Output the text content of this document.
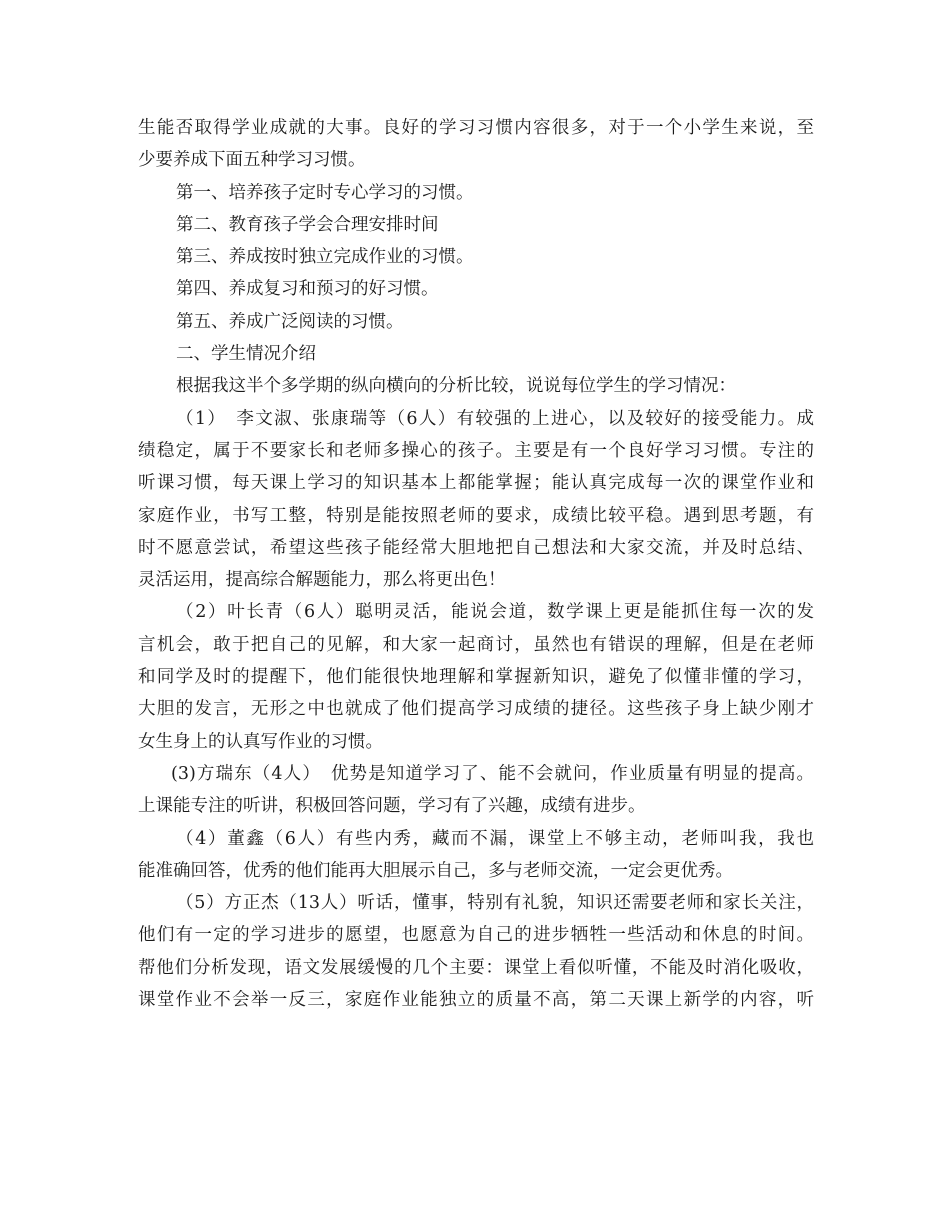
生能否取得学业成就的大事。良好的学习习惯内容很多，对于一个小学生来说，至
少要养成下面五种学习习惯。
第一、培养孩子定时专心学习的习惯。
第二、教育孩子学会合理安排时间
第三、养成按时独立完成作业的习惯。
第四、养成复习和预习的好习惯。
第五、养成广泛阅读的习惯。
二、学生情况介绍
根据我这半个多学期的纵向横向的分析比较，说说每位学生的学习情况：
（1）　李文淑、张康瑞等（6人）有较强的上进心，以及较好的接受能力。成
绩稳定，属于不要家长和老师多操心的孩子。主要是有一个良好学习习惯。专注的
听课习惯，每天课上学习的知识基本上都能掌握；能认真完成每一次的课堂作业和
家庭作业，书写工整，特别是能按照老师的要求，成绩比较平稳。遇到思考题，有
时不愿意尝试，希望这些孩子能经常大胆地把自己想法和大家交流，并及时总结、
灵活运用，提高综合解题能力，那么将更出色！
（2）叶长青（6人）聪明灵活，能说会道，数学课上更是能抓住每一次的发
言机会，敢于把自己的见解，和大家一起商讨，虽然也有错误的理解，但是在老师
和同学及时的提醒下，他们能很快地理解和掌握新知识，避免了似懂非懂的学习，
大胆的发言，无形之中也就成了他们提高学习成绩的捷径。这些孩子身上缺少刚才
女生身上的认真写作业的习惯。
(3)方瑞东（4人）　优势是知道学习了、能不会就问，作业质量有明显的提高。
上课能专注的听讲，积极回答问题，学习有了兴趣，成绩有进步。
（4）董鑫（6人）有些内秀，藏而不漏，课堂上不够主动，老师叫我，我也
能准确回答，优秀的他们能再大胆展示自己，多与老师交流，一定会更优秀。
（5）方正杰（13人）听话，懂事，特别有礼貌，知识还需要老师和家长关注，
他们有一定的学习进步的愿望，也愿意为自己的进步牺牲一些活动和休息的时间。
帮他们分析发现，语文发展缓慢的几个主要：课堂上看似听懂，不能及时消化吸收，
课堂作业不会举一反三，家庭作业能独立的质量不高，第二天课上新学的内容，听
